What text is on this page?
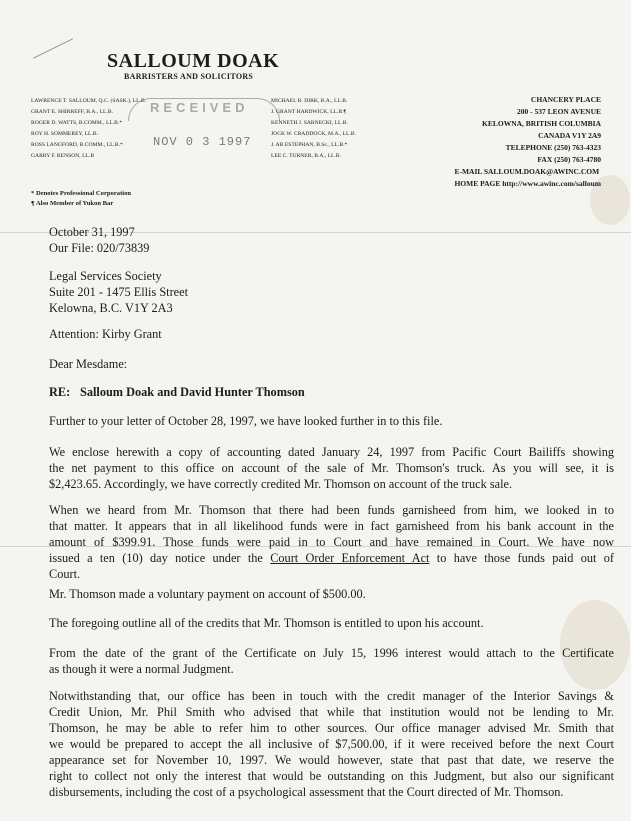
SALLOUM DOAK
BARRISTERS AND SOLICITORS
LAWRENCE T. SALLOUM, Q.C. (SASK.), LL.B.
GRANT E. SHIRREFF, B.A., LL.B.
ROGER D. WATTS, B.COMM., LL.B.*
ROY H. SOMMEREY, LL.B.
ROSS LANGFORD, B.COMM., LL.B.*
GARRY F. BENSON, LL.B
RECEIVED
NOV 0 3 1997
MICHAEL R. DIRK, B.A., LL.B.
J. GRANT HARDWICK, LL.B.¶
KENNETH J. SARNECKI, LL.B.
JOCK W. CRADDOCK, M.A., LL.B.
J. AB ESTEPHAN, B.Sc., LL.B.*
LEE C. TURNER, B.A., LL.B.
CHANCERY PLACE
200 - 537 LEON AVENUE
KELOWNA, BRITISH COLUMBIA
CANADA V1Y 2A9
TELEPHONE (250) 763-4323
FAX (250) 763-4780
E-MAIL SALLOUM.DOAK@AWINC.COM
HOME PAGE http://www.awinc.com/salloum
* Denotes Professional Corporation
¶ Also Member of Yukon Bar
October 31, 1997
Our File: 020/73839
Legal Services Society
Suite 201 - 1475 Ellis Street
Kelowna, B.C. V1Y 2A3
Attention: Kirby Grant
Dear Mesdame:
RE: Salloum Doak and David Hunter Thomson
Further to your letter of October 28, 1997, we have looked further in to this file.
We enclose herewith a copy of accounting dated January 24, 1997 from Pacific Court Bailiffs showing
the net payment to this office on account of the sale of Mr. Thomson's truck. As you will see, it is
$2,423.65. Accordingly, we have correctly credited Mr. Thomson on account of the truck sale.
When we heard from Mr. Thomson that there had been funds garnisheed from him, we looked in to
that matter. It appears that in all likelihood funds were in fact garnisheed from his bank account in the
amount of $399.91. Those funds were paid in to Court and have remained in Court. We have now
issued a ten (10) day notice under the Court Order Enforcement Act to have those funds paid out of
Court.
Mr. Thomson made a voluntary payment on account of $500.00.
The foregoing outline all of the credits that Mr. Thomson is entitled to upon his account.
From the date of the grant of the Certificate on July 15, 1996 interest would attach to the Certificate
as though it were a normal Judgment.
Notwithstanding that, our office has been in touch with the credit manager of the Interior Savings &
Credit Union, Mr. Phil Smith who advised that while that institution would not be lending to Mr.
Thomson, he may be able to refer him to other sources. Our office manager advised Mr. Smith that
we would be prepared to accept the all inclusive of $7,500.00, if it were received before the next Court
appearance set for November 10, 1997. We would however, state that past that date, we reserve the
right to collect not only the interest that would be outstanding on this Judgment, but also our significant
disbursements, including the cost of a psychological assessment that the Court directed of Mr. Thomson.
